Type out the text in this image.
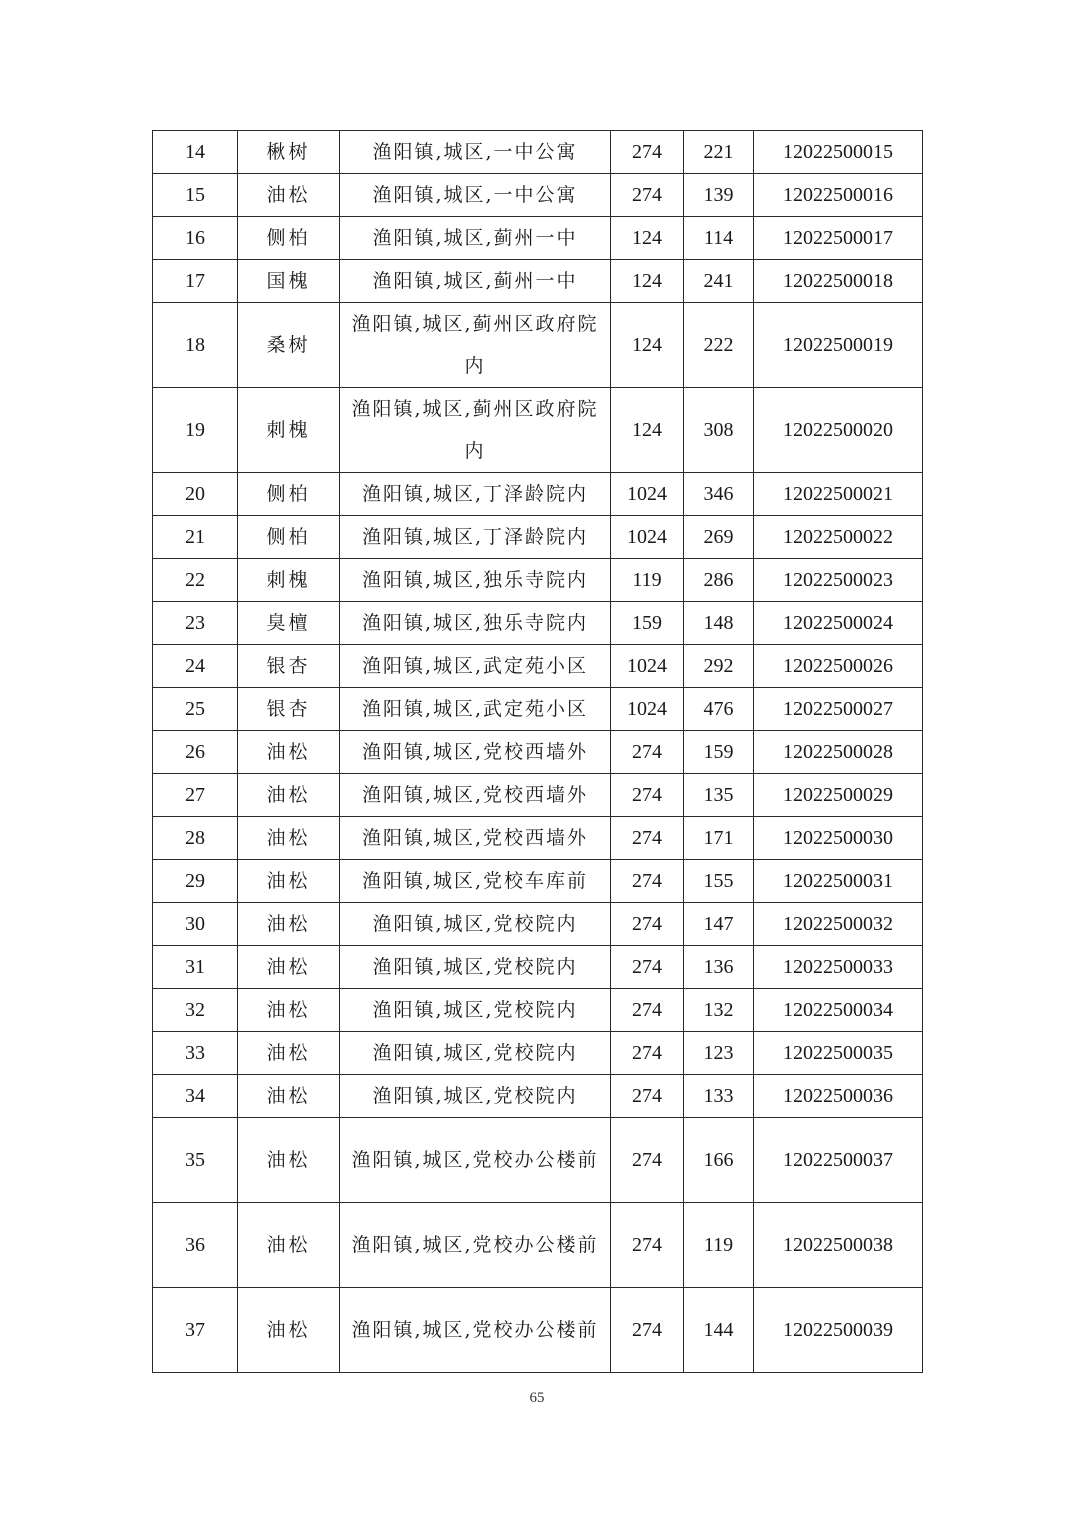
14	楸树	渔阳镇,城区,一中公寓	274	221	12022500015
15	油松	渔阳镇,城区,一中公寓	274	139	12022500016
16	侧柏	渔阳镇,城区,蓟州一中	124	114	12022500017
17	国槐	渔阳镇,城区,蓟州一中	124	241	12022500018
18	桑树	渔阳镇,城区,蓟州区政府院内	124	222	12022500019
19	刺槐	渔阳镇,城区,蓟州区政府院内	124	308	12022500020
20	侧柏	渔阳镇,城区,丁泽龄院内	1024	346	12022500021
21	侧柏	渔阳镇,城区,丁泽龄院内	1024	269	12022500022
22	刺槐	渔阳镇,城区,独乐寺院内	119	286	12022500023
23	臭檀	渔阳镇,城区,独乐寺院内	159	148	12022500024
24	银杏	渔阳镇,城区,武定苑小区	1024	292	12022500026
25	银杏	渔阳镇,城区,武定苑小区	1024	476	12022500027
26	油松	渔阳镇,城区,党校西墙外	274	159	12022500028
27	油松	渔阳镇,城区,党校西墙外	274	135	12022500029
28	油松	渔阳镇,城区,党校西墙外	274	171	12022500030
29	油松	渔阳镇,城区,党校车库前	274	155	12022500031
30	油松	渔阳镇,城区,党校院内	274	147	12022500032
31	油松	渔阳镇,城区,党校院内	274	136	12022500033
32	油松	渔阳镇,城区,党校院内	274	132	12022500034
33	油松	渔阳镇,城区,党校院内	274	123	12022500035
34	油松	渔阳镇,城区,党校院内	274	133	12022500036
35	油松	渔阳镇,城区,党校办公楼前	274	166	12022500037
36	油松	渔阳镇,城区,党校办公楼前	274	119	12022500038
37	油松	渔阳镇,城区,党校办公楼前	274	144	12022500039
65
